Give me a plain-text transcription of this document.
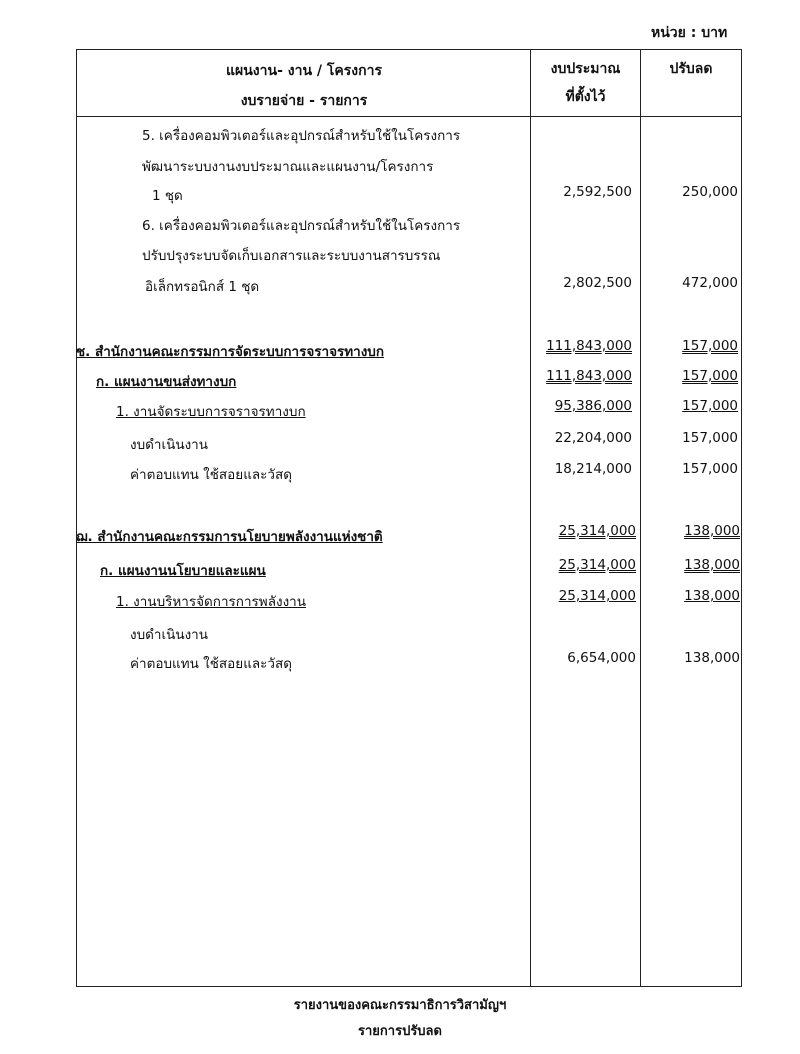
หน่วย : บาท
แผนงาน- งาน / โครงการ
งบรายจ่าย - รายการ
งบประมาณ
ที่ตั้งไว้
ปรับลด
5. เครื่องคอมพิวเตอร์และอุปกรณ์สำหรับใช้ในโครงการ
พัฒนาระบบงานงบประมาณและแผนงาน/โครงการ
1 ชุด	2,592,500	250,000
6. เครื่องคอมพิวเตอร์และอุปกรณ์สำหรับใช้ในโครงการ
ปรับปรุงระบบจัดเก็บเอกสารและระบบงานสารบรรณ
อิเล็กทรอนิกส์ 1 ชุด	2,802,500	472,000
ช. สำนักงานคณะกรรมการจัดระบบการจราจรทางบก	111,843,000	157,000
ก. แผนงานขนส่งทางบก	111,843,000	157,000
1. งานจัดระบบการจราจรทางบก	95,386,000	157,000
งบดำเนินงาน	22,204,000	157,000
ค่าตอบแทน ใช้สอยและวัสดุ	18,214,000	157,000
ฌ. สำนักงานคณะกรรมการนโยบายพลังงานแห่งชาติ	25,314,000	138,000
ก. แผนงานนโยบายและแผน	25,314,000	138,000
1. งานบริหารจัดการการพลังงาน	25,314,000	138,000
งบดำเนินงาน
ค่าตอบแทน ใช้สอยและวัสดุ	6,654,000	138,000
รายงานของคณะกรรมาธิการวิสามัญฯ
รายการปรับลด
